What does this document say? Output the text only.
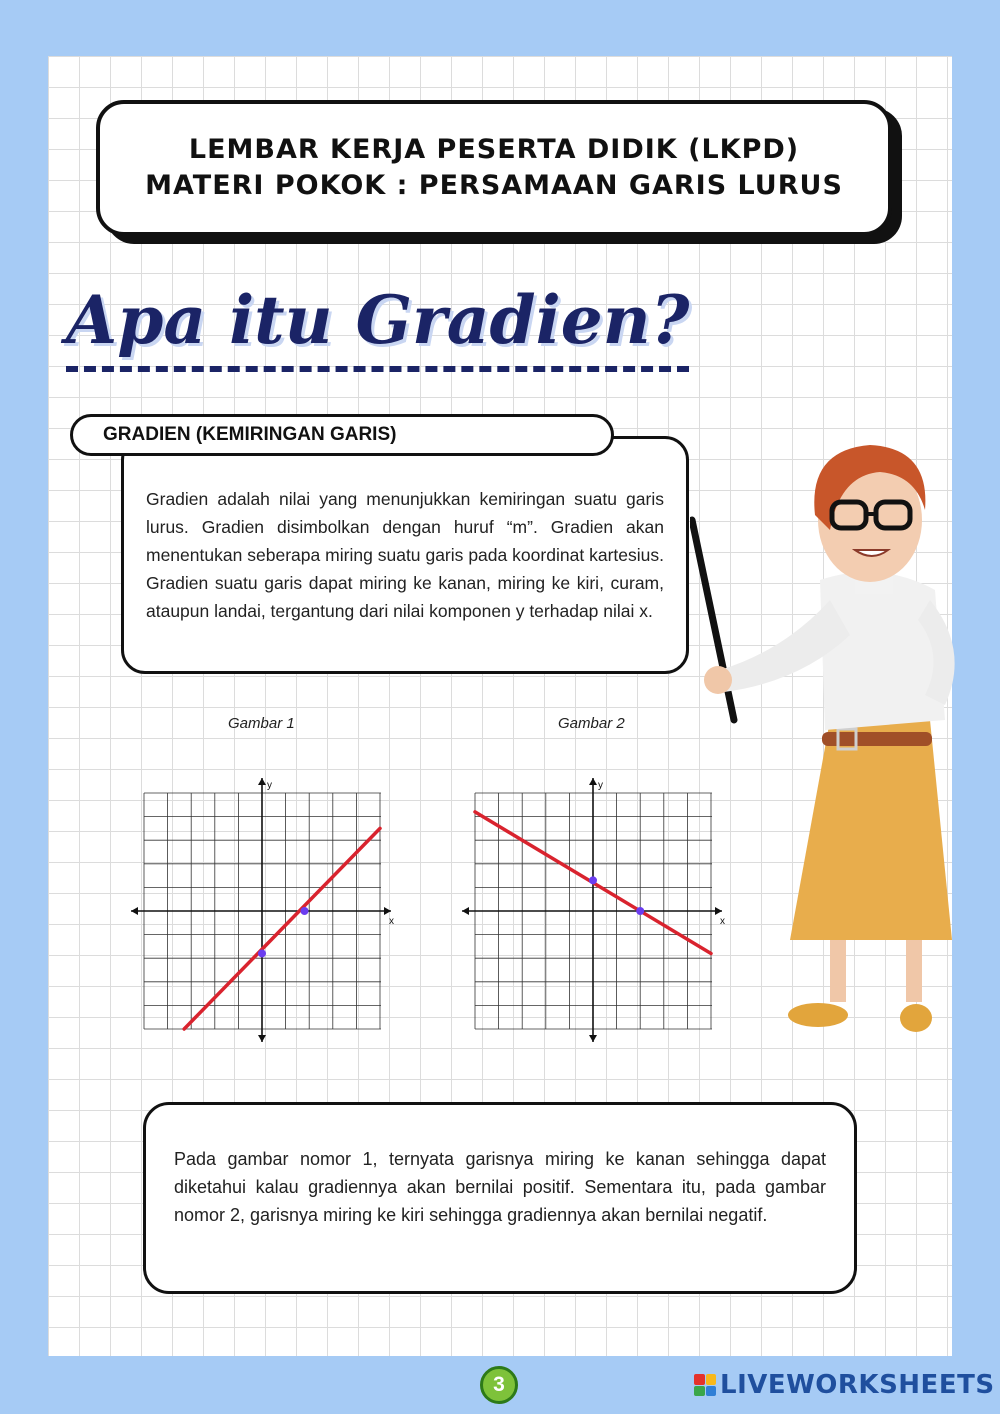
LEMBAR KERJA PESERTA DIDIK (LKPD)
MATERI POKOK : PERSAMAAN GARIS LURUS
Apa itu Gradien?
GRADIEN (KEMIRINGAN GARIS)
Gradien adalah nilai yang menunjukkan kemiringan suatu garis lurus. Gradien disimbolkan dengan huruf “m”. Gradien akan menentukan seberapa miring suatu garis pada koordinat kartesius. Gradien suatu garis dapat miring ke kanan, miring ke kiri, curam, ataupun landai, tergantung dari nilai komponen y terhadap nilai x.
Gambar 1	Gambar 2
x
y
x
y
Pada gambar nomor 1, ternyata garisnya miring ke kanan sehingga dapat diketahui kalau gradiennya akan bernilai positif. Sementara itu, pada gambar nomor 2, garisnya miring ke kiri sehingga gradiennya akan bernilai negatif.
3	LIVEWORKSHEETS
